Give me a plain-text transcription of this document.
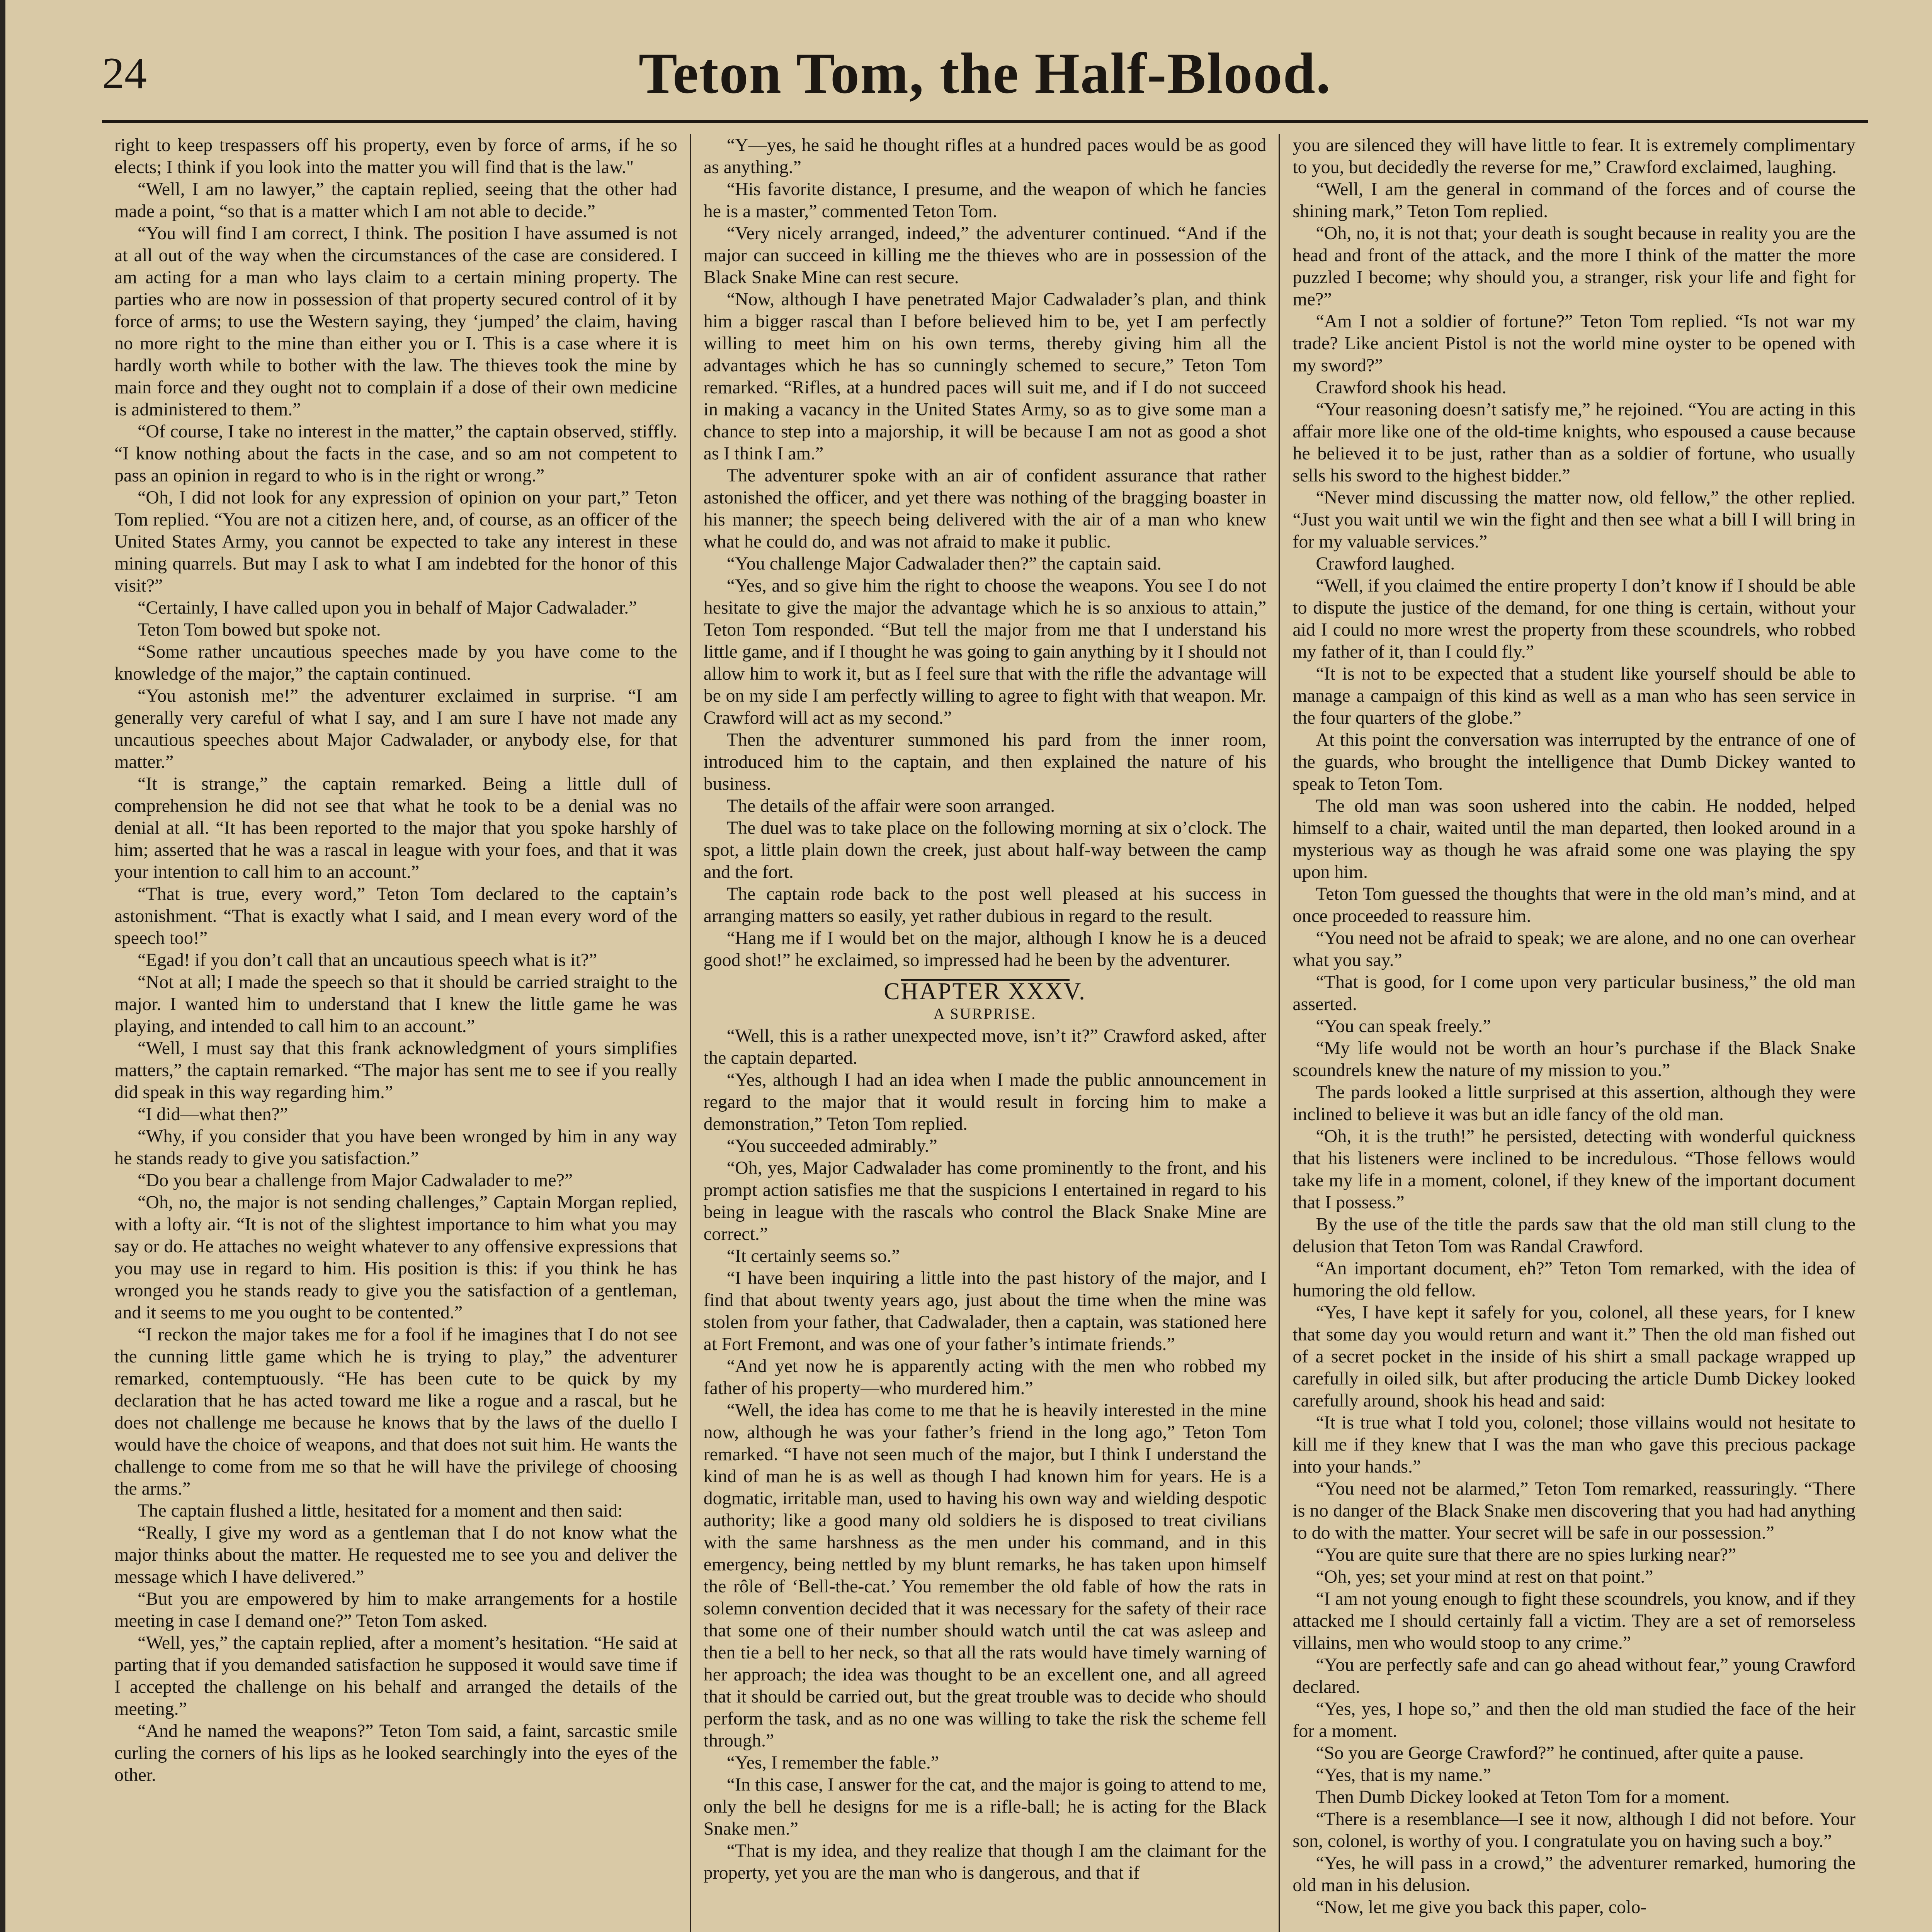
24	Teton Tom, the Half-Blood.

right to keep trespassers off his property, even by force of arms, if he so elects; I think if you look into the matter you will find that is the law."

“Well, I am no lawyer,” the captain replied, seeing that the other had made a point, “so that is a matter which I am not able to decide.”

“You will find I am correct, I think. The position I have assumed is not at all out of the way when the circumstances of the case are considered. I am acting for a man who lays claim to a certain mining property. The parties who are now in possession of that property secured control of it by force of arms; to use the Western saying, they ‘jumped’ the claim, having no more right to the mine than either you or I. This is a case where it is hardly worth while to bother with the law. The thieves took the mine by main force and they ought not to complain if a dose of their own medicine is administered to them.”

“Of course, I take no interest in the matter,” the captain observed, stiffly. “I know nothing about the facts in the case, and so am not competent to pass an opinion in regard to who is in the right or wrong.”

“Oh, I did not look for any expression of opinion on your part,” Teton Tom replied. “You are not a citizen here, and, of course, as an officer of the United States Army, you cannot be expected to take any interest in these mining quarrels. But may I ask to what I am indebted for the honor of this visit?”

“Certainly, I have called upon you in behalf of Major Cadwalader.”

Teton Tom bowed but spoke not.

“Some rather uncautious speeches made by you have come to the knowledge of the major,” the captain continued.

“You astonish me!” the adventurer exclaimed in surprise. “I am generally very careful of what I say, and I am sure I have not made any uncautious speeches about Major Cadwalader, or anybody else, for that matter.”

“It is strange,” the captain remarked. Being a little dull of comprehension he did not see that what he took to be a denial was no denial at all. “It has been reported to the major that you spoke harshly of him; asserted that he was a rascal in league with your foes, and that it was your intention to call him to an account.”

“That is true, every word,” Teton Tom declared to the captain’s astonishment. “That is exactly what I said, and I mean every word of the speech too!”

“Egad! if you don’t call that an uncautious speech what is it?”

“Not at all; I made the speech so that it should be carried straight to the major. I wanted him to understand that I knew the little game he was playing, and intended to call him to an account.”

“Well, I must say that this frank acknowledgment of yours simplifies matters,” the captain remarked. “The major has sent me to see if you really did speak in this way regarding him.”

“I did—what then?”

“Why, if you consider that you have been wronged by him in any way he stands ready to give you satisfaction.”

“Do you bear a challenge from Major Cadwalader to me?”

“Oh, no, the major is not sending challenges,” Captain Morgan replied, with a lofty air. “It is not of the slightest importance to him what you may say or do. He attaches no weight whatever to any offensive expressions that you may use in regard to him. His position is this: if you think he has wronged you he stands ready to give you the satisfaction of a gentleman, and it seems to me you ought to be contented.”

“I reckon the major takes me for a fool if he imagines that I do not see the cunning little game which he is trying to play,” the adventurer remarked, contemptuously. “He has been cute to be quick by my declaration that he has acted toward me like a rogue and a rascal, but he does not challenge me because he knows that by the laws of the duello I would have the choice of weapons, and that does not suit him. He wants the challenge to come from me so that he will have the privilege of choosing the arms.”

The captain flushed a little, hesitated for a moment and then said:

“Really, I give my word as a gentleman that I do not know what the major thinks about the matter. He requested me to see you and deliver the message which I have delivered.”

“But you are empowered by him to make arrangements for a hostile meeting in case I demand one?” Teton Tom asked.

“Well, yes,” the captain replied, after a moment’s hesitation. “He said at parting that if you demanded satisfaction he supposed it would save time if I accepted the challenge on his behalf and arranged the details of the meeting.”

“And he named the weapons?” Teton Tom said, a faint, sarcastic smile curling the corners of his lips as he looked searchingly into the eyes of the other.

“Y—yes, he said he thought rifles at a hundred paces would be as good as anything.”

“His favorite distance, I presume, and the weapon of which he fancies he is a master,” commented Teton Tom.

“Very nicely arranged, indeed,” the adventurer continued. “And if the major can succeed in killing me the thieves who are in possession of the Black Snake Mine can rest secure.

“Now, although I have penetrated Major Cadwalader’s plan, and think him a bigger rascal than I before believed him to be, yet I am perfectly willing to meet him on his own terms, thereby giving him all the advantages which he has so cunningly schemed to secure,” Teton Tom remarked. “Rifles, at a hundred paces will suit me, and if I do not succeed in making a vacancy in the United States Army, so as to give some man a chance to step into a majorship, it will be because I am not as good a shot as I think I am.”

The adventurer spoke with an air of confident assurance that rather astonished the officer, and yet there was nothing of the bragging boaster in his manner; the speech being delivered with the air of a man who knew what he could do, and was not afraid to make it public.

“You challenge Major Cadwalader then?” the captain said.

“Yes, and so give him the right to choose the weapons. You see I do not hesitate to give the major the advantage which he is so anxious to attain,” Teton Tom responded. “But tell the major from me that I understand his little game, and if I thought he was going to gain anything by it I should not allow him to work it, but as I feel sure that with the rifle the advantage will be on my side I am perfectly willing to agree to fight with that weapon. Mr. Crawford will act as my second.”

Then the adventurer summoned his pard from the inner room, introduced him to the captain, and then explained the nature of his business.

The details of the affair were soon arranged.

The duel was to take place on the following morning at six o’clock. The spot, a little plain down the creek, just about half-way between the camp and the fort.

The captain rode back to the post well pleased at his success in arranging matters so easily, yet rather dubious in regard to the result.

“Hang me if I would bet on the major, although I know he is a deuced good shot!” he exclaimed, so impressed had he been by the adventurer.

CHAPTER XXXV.

A SURPRISE.

“Well, this is a rather unexpected move, isn’t it?” Crawford asked, after the captain departed.

“Yes, although I had an idea when I made the public announcement in regard to the major that it would result in forcing him to make a demonstration,” Teton Tom replied.

“You succeeded admirably.”

“Oh, yes, Major Cadwalader has come prominently to the front, and his prompt action satisfies me that the suspicions I entertained in regard to his being in league with the rascals who control the Black Snake Mine are correct.”

“It certainly seems so.”

“I have been inquiring a little into the past history of the major, and I find that about twenty years ago, just about the time when the mine was stolen from your father, that Cadwalader, then a captain, was stationed here at Fort Fremont, and was one of your father’s intimate friends.”

“And yet now he is apparently acting with the men who robbed my father of his property—who murdered him.”

“Well, the idea has come to me that he is heavily interested in the mine now, although he was your father’s friend in the long ago,” Teton Tom remarked. “I have not seen much of the major, but I think I understand the kind of man he is as well as though I had known him for years. He is a dogmatic, irritable man, used to having his own way and wielding despotic authority; like a good many old soldiers he is disposed to treat civilians with the same harshness as the men under his command, and in this emergency, being nettled by my blunt remarks, he has taken upon himself the rôle of ‘Bell-the-cat.’ You remember the old fable of how the rats in solemn convention decided that it was necessary for the safety of their race that some one of their number should watch until the cat was asleep and then tie a bell to her neck, so that all the rats would have timely warning of her approach; the idea was thought to be an excellent one, and all agreed that it should be carried out, but the great trouble was to decide who should perform the task, and as no one was willing to take the risk the scheme fell through.”

“Yes, I remember the fable.”

“In this case, I answer for the cat, and the major is going to attend to me, only the bell he designs for me is a rifle-ball; he is acting for the Black Snake men.”

“That is my idea, and they realize that though I am the claimant for the property, yet you are the man who is dangerous, and that if

you are silenced they will have little to fear. It is extremely complimentary to you, but decidedly the reverse for me,” Crawford exclaimed, laughing.

“Well, I am the general in command of the forces and of course the shining mark,” Teton Tom replied.

“Oh, no, it is not that; your death is sought because in reality you are the head and front of the attack, and the more I think of the matter the more puzzled I become; why should you, a stranger, risk your life and fight for me?”

“Am I not a soldier of fortune?” Teton Tom replied. “Is not war my trade? Like ancient Pistol is not the world mine oyster to be opened with my sword?”

Crawford shook his head.

“Your reasoning doesn’t satisfy me,” he rejoined. “You are acting in this affair more like one of the old-time knights, who espoused a cause because he believed it to be just, rather than as a soldier of fortune, who usually sells his sword to the highest bidder.”

“Never mind discussing the matter now, old fellow,” the other replied. “Just you wait until we win the fight and then see what a bill I will bring in for my valuable services.”

Crawford laughed.

“Well, if you claimed the entire property I don’t know if I should be able to dispute the justice of the demand, for one thing is certain, without your aid I could no more wrest the property from these scoundrels, who robbed my father of it, than I could fly.”

“It is not to be expected that a student like yourself should be able to manage a campaign of this kind as well as a man who has seen service in the four quarters of the globe.”

At this point the conversation was interrupted by the entrance of one of the guards, who brought the intelligence that Dumb Dickey wanted to speak to Teton Tom.

The old man was soon ushered into the cabin. He nodded, helped himself to a chair, waited until the man departed, then looked around in a mysterious way as though he was afraid some one was playing the spy upon him.

Teton Tom guessed the thoughts that were in the old man’s mind, and at once proceeded to reassure him.

“You need not be afraid to speak; we are alone, and no one can overhear what you say.”

“That is good, for I come upon very particular business,” the old man asserted.

“You can speak freely.”

“My life would not be worth an hour’s purchase if the Black Snake scoundrels knew the nature of my mission to you.”

The pards looked a little surprised at this assertion, although they were inclined to believe it was but an idle fancy of the old man.

“Oh, it is the truth!” he persisted, detecting with wonderful quickness that his listeners were inclined to be incredulous. “Those fellows would take my life in a moment, colonel, if they knew of the important document that I possess.”

By the use of the title the pards saw that the old man still clung to the delusion that Teton Tom was Randal Crawford.

“An important document, eh?” Teton Tom remarked, with the idea of humoring the old fellow.

“Yes, I have kept it safely for you, colonel, all these years, for I knew that some day you would return and want it.” Then the old man fished out of a secret pocket in the inside of his shirt a small package wrapped up carefully in oiled silk, but after producing the article Dumb Dickey looked carefully around, shook his head and said:

“It is true what I told you, colonel; those villains would not hesitate to kill me if they knew that I was the man who gave this precious package into your hands.”

“You need not be alarmed,” Teton Tom remarked, reassuringly. “There is no danger of the Black Snake men discovering that you had had anything to do with the matter. Your secret will be safe in our possession.”

“You are quite sure that there are no spies lurking near?”

“Oh, yes; set your mind at rest on that point.”

“I am not young enough to fight these scoundrels, you know, and if they attacked me I should certainly fall a victim. They are a set of remorseless villains, men who would stoop to any crime.”

“You are perfectly safe and can go ahead without fear,” young Crawford declared.

“Yes, yes, I hope so,” and then the old man studied the face of the heir for a moment.

“So you are George Crawford?” he continued, after quite a pause.

“Yes, that is my name.”

Then Dumb Dickey looked at Teton Tom for a moment.

“There is a resemblance—I see it now, although I did not before. Your son, colonel, is worthy of you. I congratulate you on having such a boy.”

“Yes, he will pass in a crowd,” the adventurer remarked, humoring the old man in his delusion.

“Now, let me give you back this paper, colo-
